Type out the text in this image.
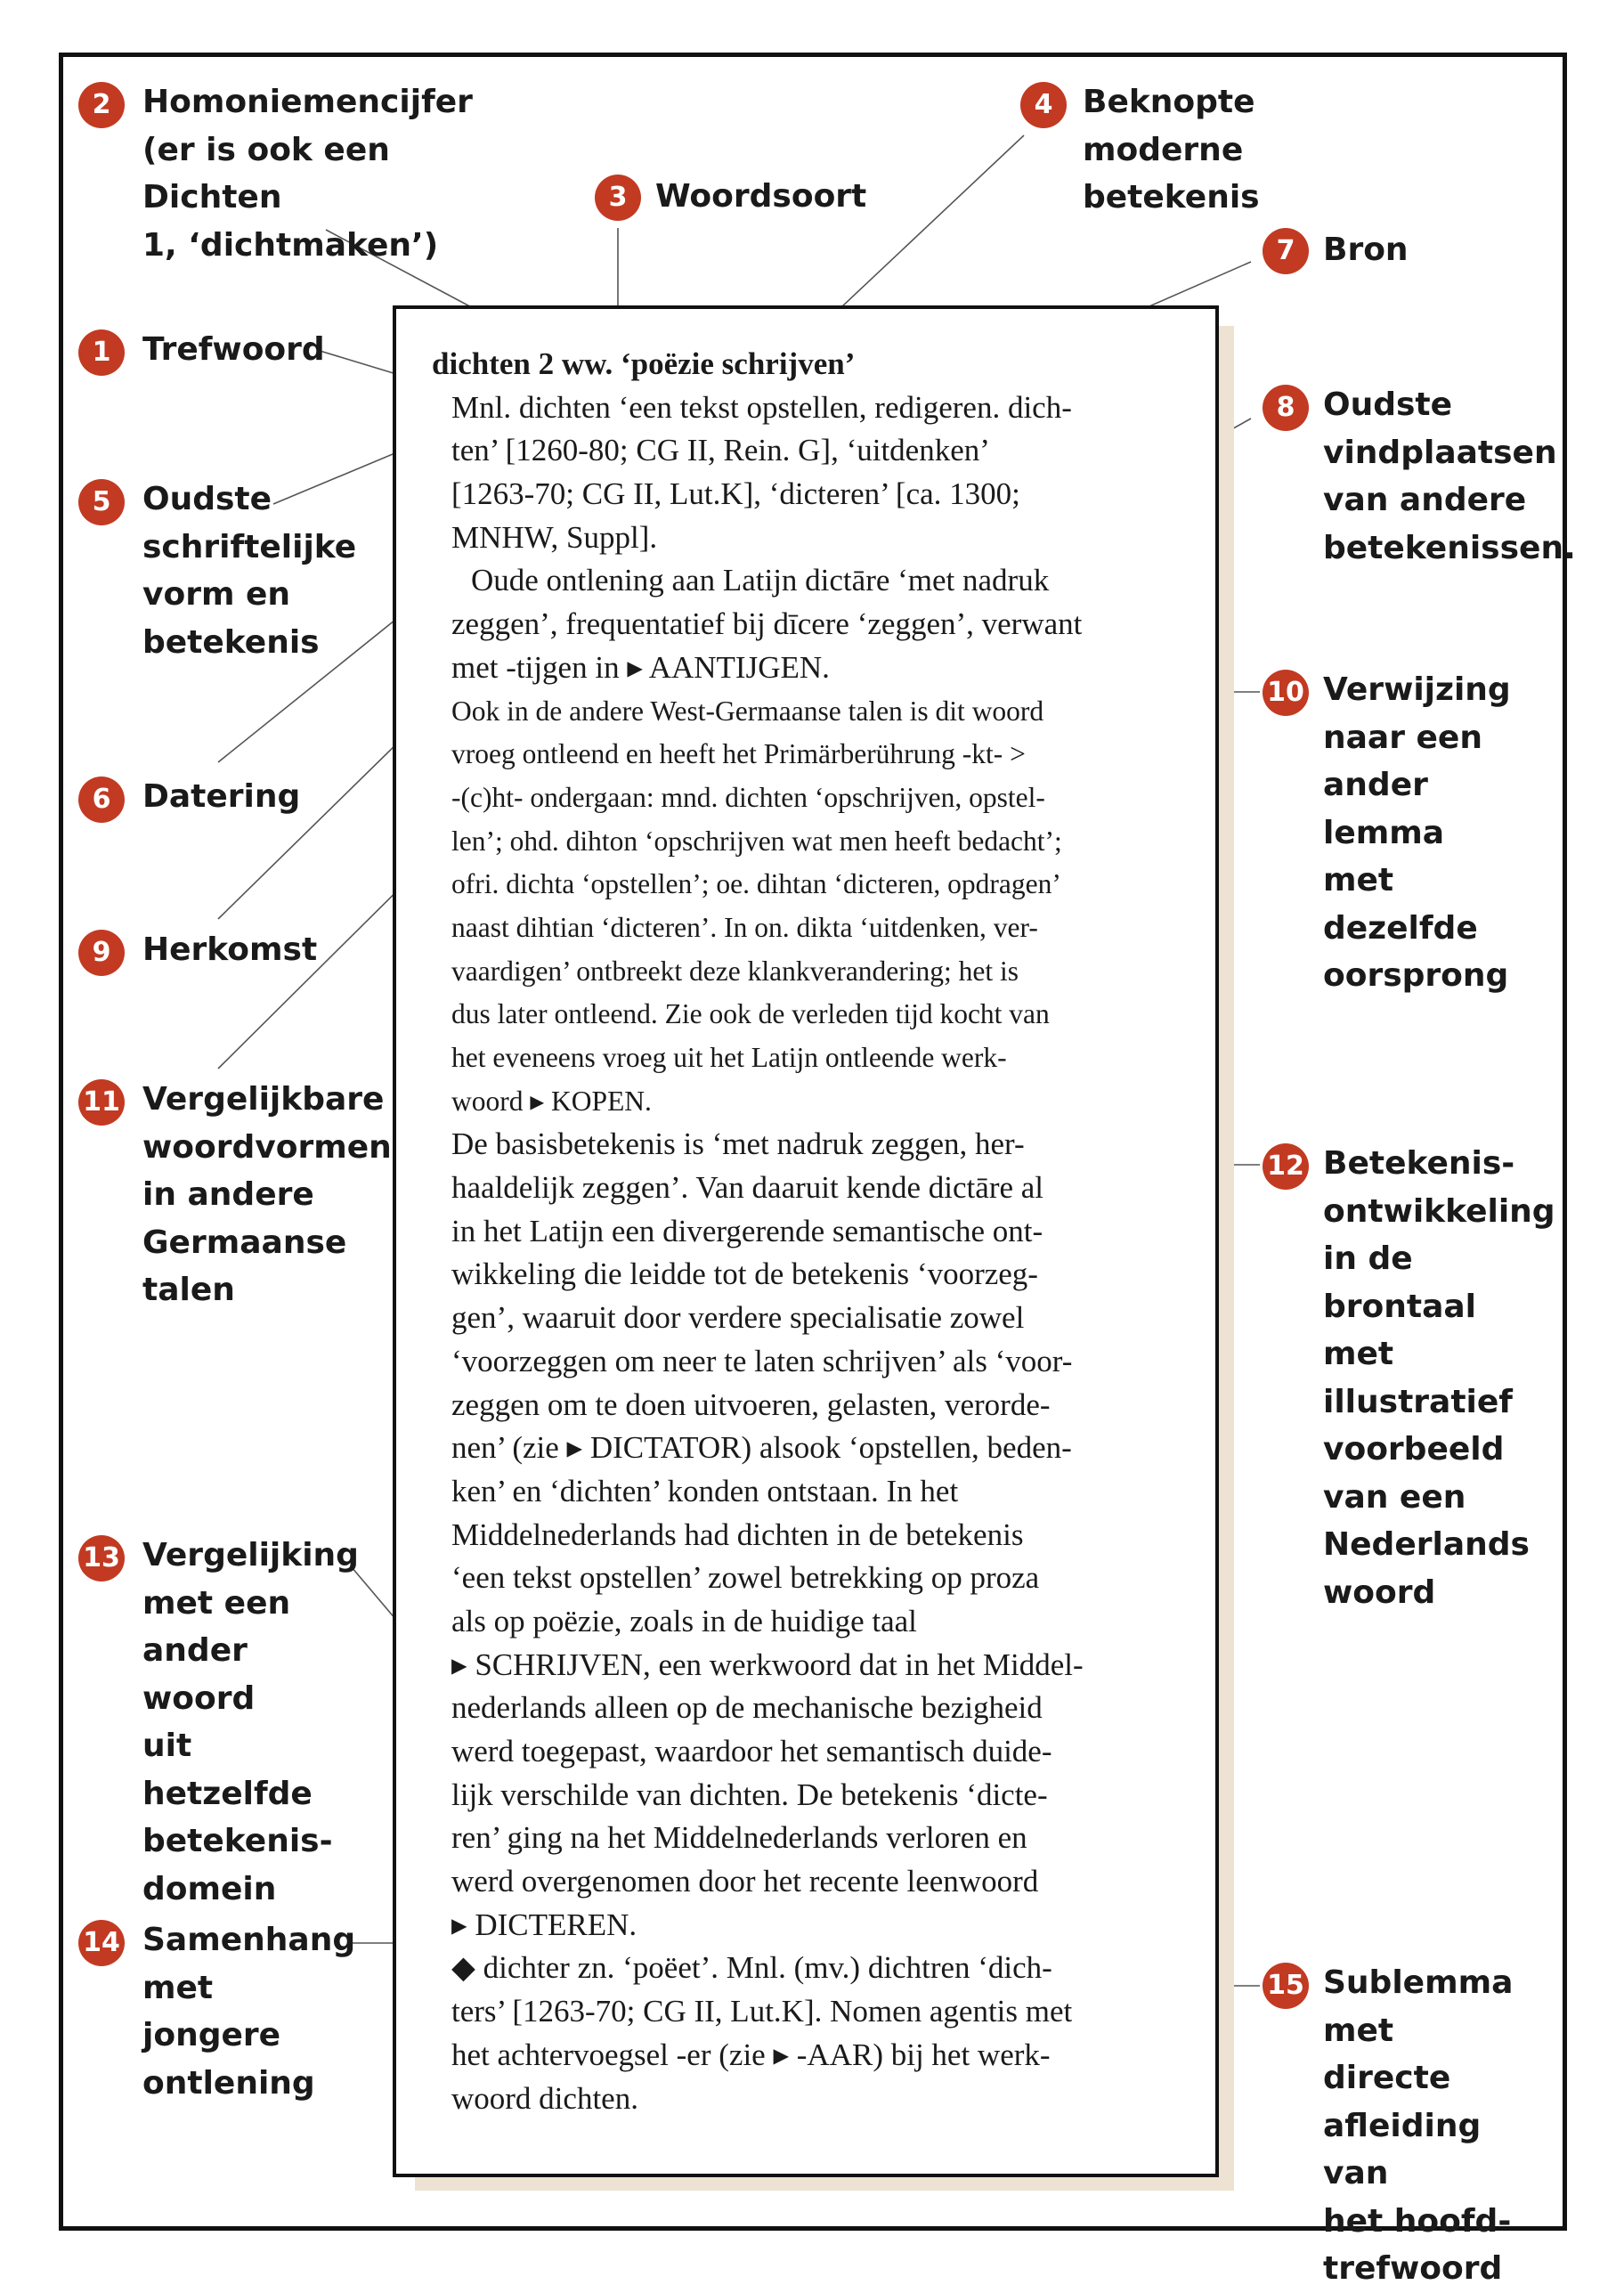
1 Trefwoord
2 Homoniemencijfer
(er is ook een Dichten
1, ‘dichtmaken’)
3 Woordsoort
4 Beknopte moderne betekenis
5 Oudste
schriftelijke
vorm en
betekenis
6 Datering
7 Bron
8 Oudste
vindplaatsen
van andere
betekenissen.
9 Herkomst
10 Verwijzing
naar een
ander lemma
met dezelfde
oorsprong
11 Vergelijkbare
woordvormen
in andere
Germaanse
talen
12 Betekenis-
ontwikkeling
in de brontaal
met illustratief
voorbeeld
van een
Nederlands
woord
13 Vergelijking
met een
ander woord
uit hetzelfde
betekenis-
domein
14 Samenhang
met jongere
ontlening
15 Sublemma
met directe
afleiding van
het hoofd-
trefwoord
dichten 2 ww. ‘poëzie schrijven’
Mnl. dichten ‘een tekst opstellen, redigeren. dich-
ten’ [1260-80; CG II, Rein. G], ‘uitdenken’
[1263-70; CG II, Lut.K], ‘dicteren’ [ca. 1300;
MNHW, Suppl].
Oude ontlening aan Latijn dictāre ‘met nadruk
zeggen’, frequentatief bij dīcere ‘zeggen’, verwant
met -tijgen in ▸ AANTIJGEN.
Ook in de andere West-Germaanse talen is dit woord
vroeg ontleend en heeft het Primärberührung -kt- >
-(c)ht- ondergaan: mnd. dichten ‘opschrijven, opstel-
len’; ohd. dihton ‘opschrijven wat men heeft bedacht’;
ofri. dichta ‘opstellen’; oe. dihtan ‘dicteren, opdragen’
naast dihtian ‘dicteren’. In on. dikta ‘uitdenken, ver-
vaardigen’ ontbreekt deze klankverandering; het is
dus later ontleend. Zie ook de verleden tijd kocht van
het eveneens vroeg uit het Latijn ontleende werk-
woord ▸ KOPEN.
De basisbetekenis is ‘met nadruk zeggen, her-
haaldelijk zeggen’. Van daaruit kende dictāre al
in het Latijn een divergerende semantische ont-
wikkeling die leidde tot de betekenis ‘voorzeg-
gen’, waaruit door verdere specialisatie zowel
‘voorzeggen om neer te laten schrijven’ als ‘voor-
zeggen om te doen uitvoeren, gelasten, verorde-
nen’ (zie ▸ DICTATOR) alsook ‘opstellen, beden-
ken’ en ‘dichten’ konden ontstaan. In het
Middelnederlands had dichten in de betekenis
‘een tekst opstellen’ zowel betrekking op proza
als op poëzie, zoals in de huidige taal
▸ SCHRIJVEN, een werkwoord dat in het Middel-
nederlands alleen op de mechanische bezigheid
werd toegepast, waardoor het semantisch duide-
lijk verschilde van dichten. De betekenis ‘dicte-
ren’ ging na het Middelnederlands verloren en
werd overgenomen door het recente leenwoord
▸ DICTEREN.
◆ dichter zn. ‘poëet’. Mnl. (mv.) dichtren ‘dich-
ters’ [1263-70; CG II, Lut.K]. Nomen agentis met
het achtervoegsel -er (zie ▸ -AAR) bij het werk-
woord dichten.
